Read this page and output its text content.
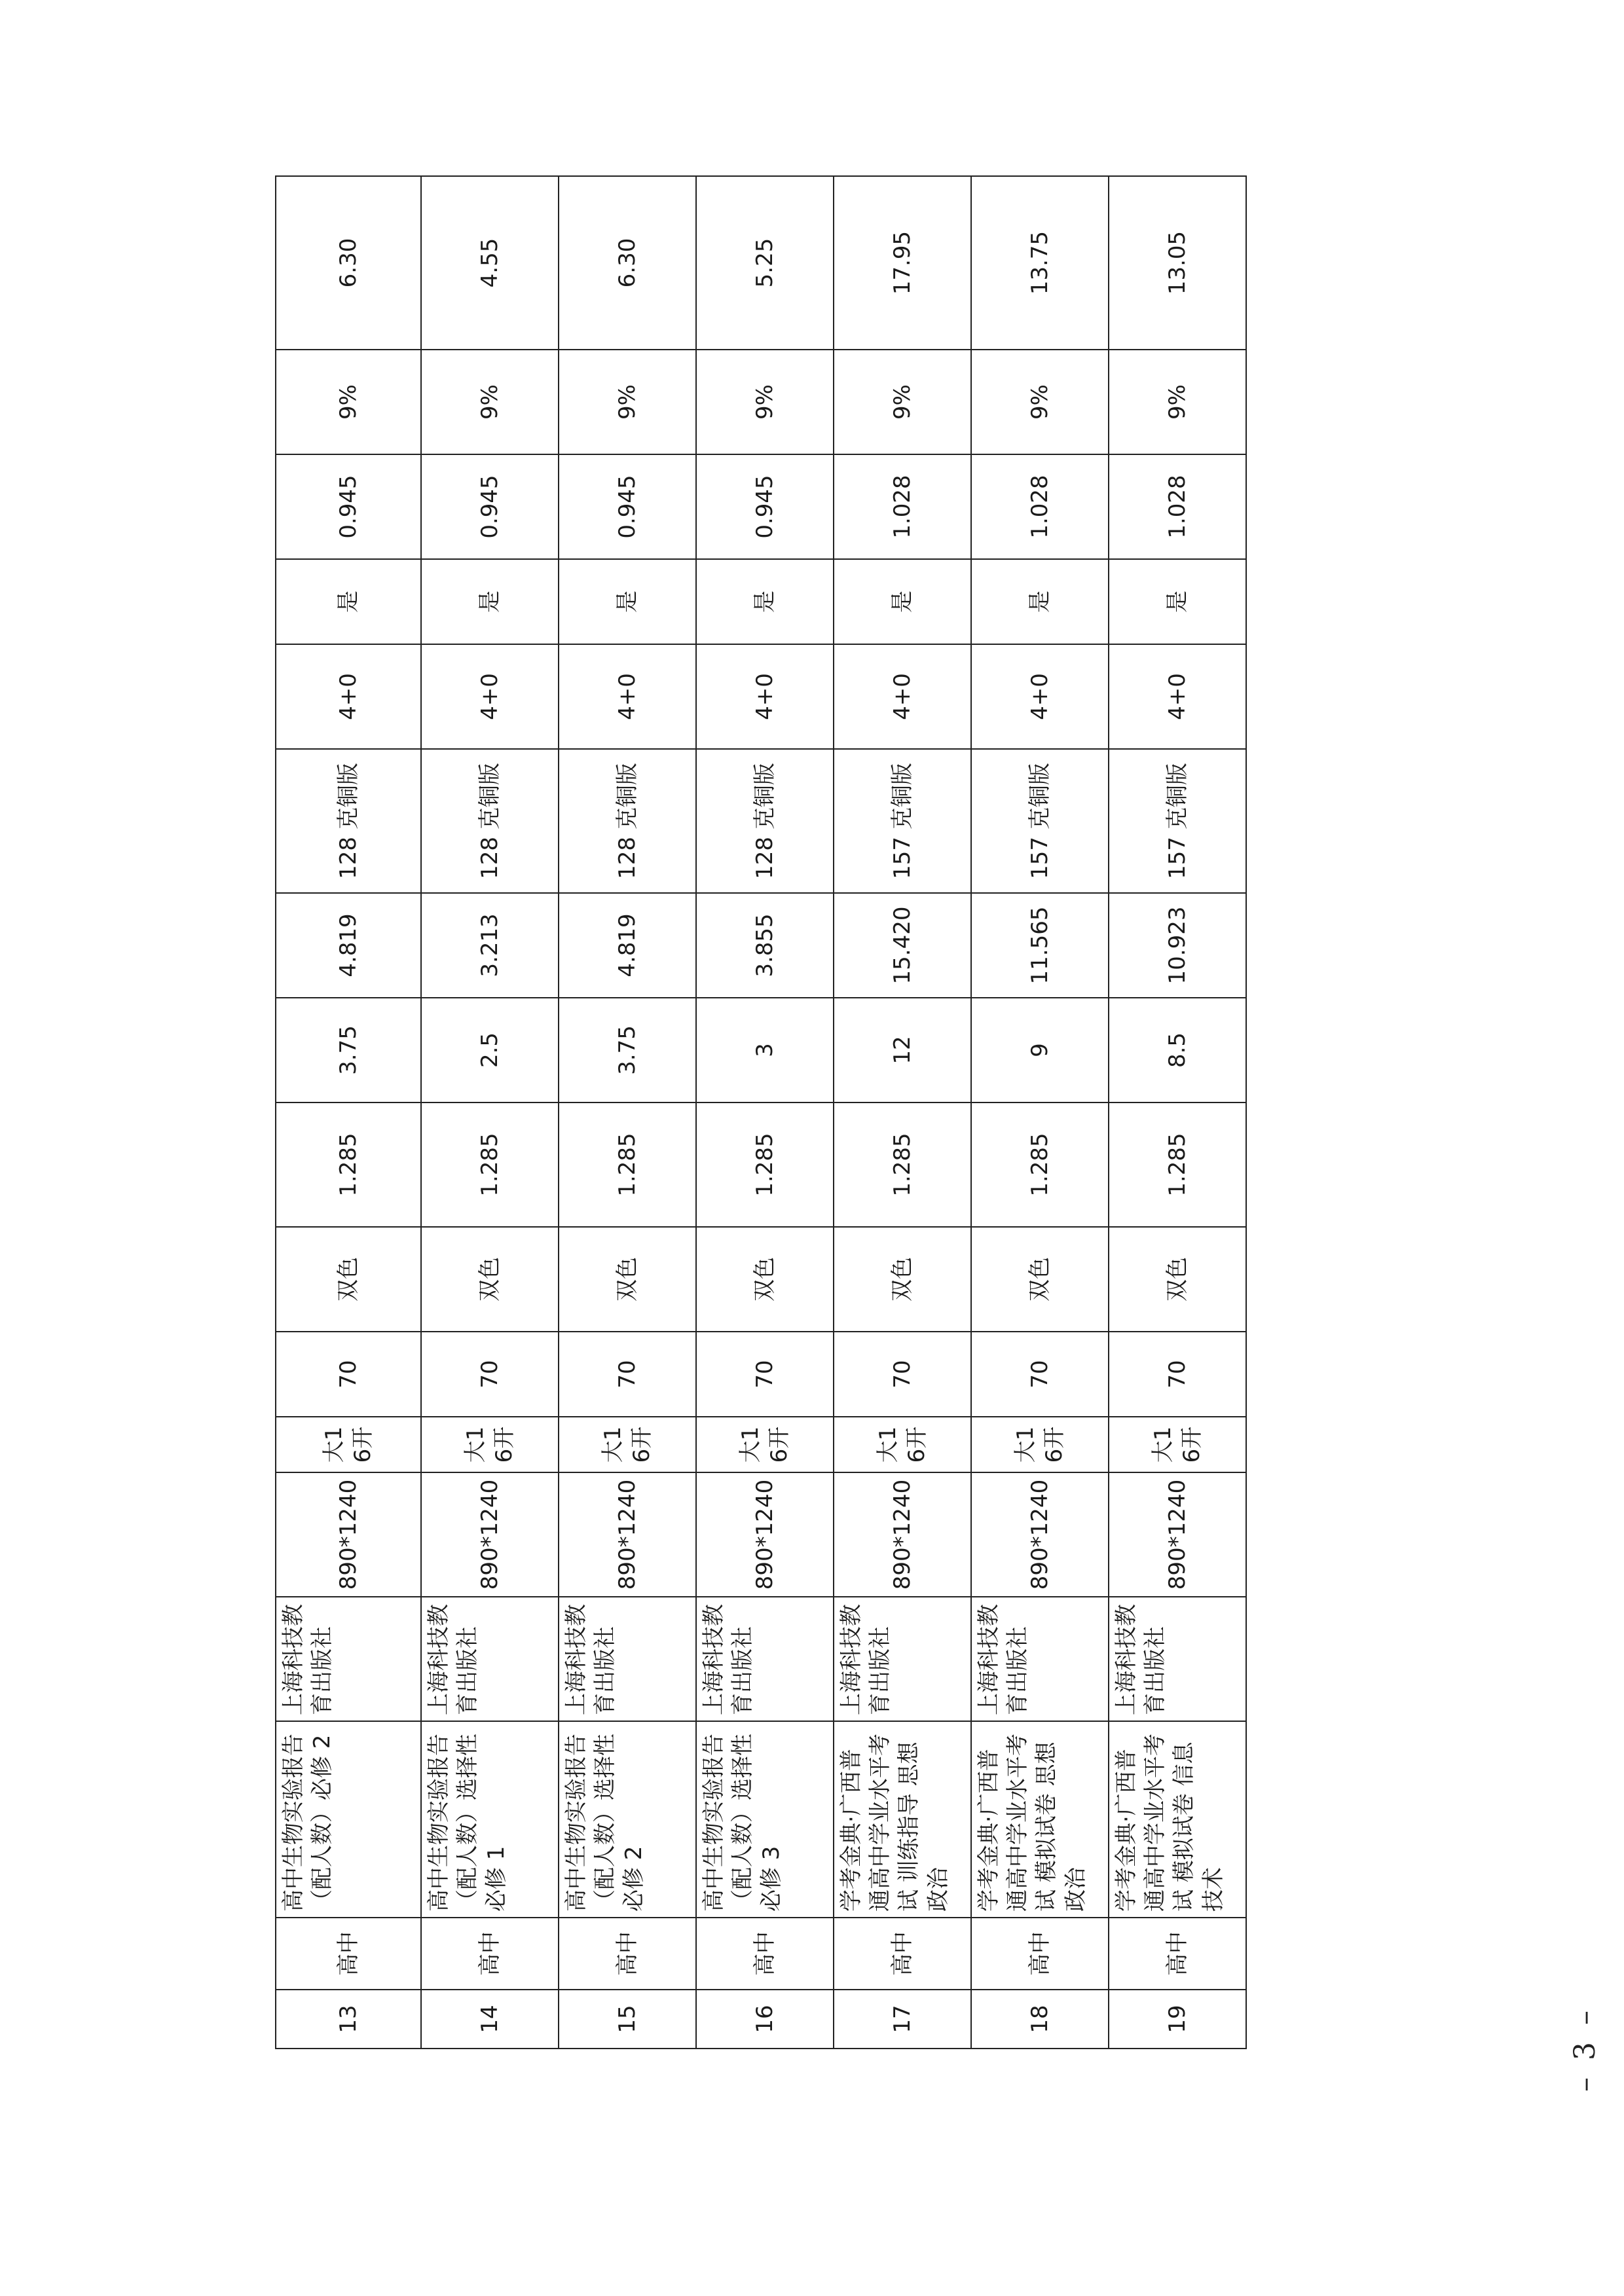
13	高中	高中生物实验报告（配人数）必修 2	上海科技教育出版社	890*1240	大16开	70	双色	1.285	3.75	4.819	128 克铜版	4+0	是	0.945	9%	6.30
14	高中	高中生物实验报告（配人数）选择性必修 1	上海科技教育出版社	890*1240	大16开	70	双色	1.285	2.5	3.213	128 克铜版	4+0	是	0.945	9%	4.55
15	高中	高中生物实验报告（配人数）选择性必修 2	上海科技教育出版社	890*1240	大16开	70	双色	1.285	3.75	4.819	128 克铜版	4+0	是	0.945	9%	6.30
16	高中	高中生物实验报告（配人数）选择性必修 3	上海科技教育出版社	890*1240	大16开	70	双色	1.285	3	3.855	128 克铜版	4+0	是	0.945	9%	5.25
17	高中	学考金典·广西普通高中学业水平考试 训练指导 思想政治	上海科技教育出版社	890*1240	大16开	70	双色	1.285	12	15.420	157 克铜版	4+0	是	1.028	9%	17.95
18	高中	学考金典·广西普通高中学业水平考试 模拟试卷 思想政治	上海科技教育出版社	890*1240	大16开	70	双色	1.285	9	11.565	157 克铜版	4+0	是	1.028	9%	13.75
19	高中	学考金典·广西普通高中学业水平考试 模拟试卷 信息技术	上海科技教育出版社	890*1240	大16开	70	双色	1.285	8.5	10.923	157 克铜版	4+0	是	1.028	9%	13.05
– 3 –
